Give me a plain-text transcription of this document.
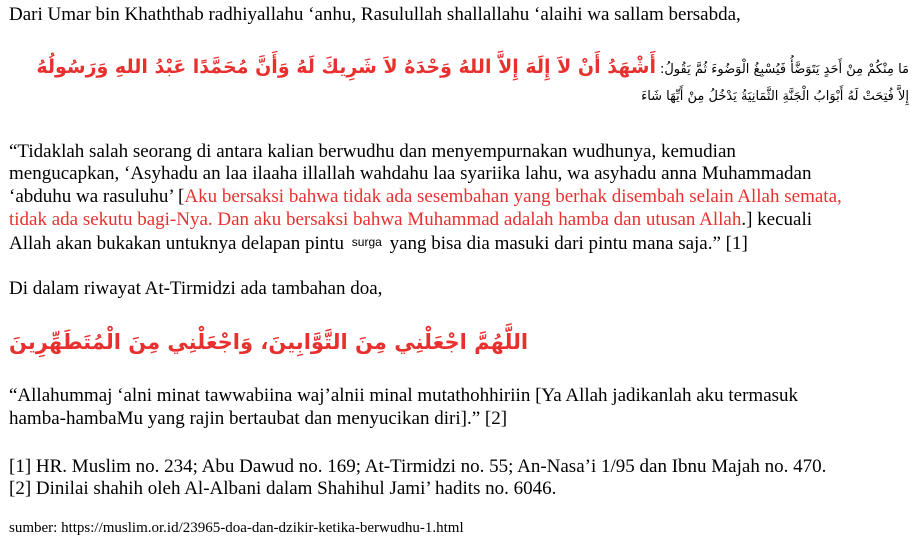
Dari Umar bin Khaththab radhiyallahu ‘anhu, Rasulullah shallallahu ‘alaihi wa sallam bersabda,
مَا مِنْكُمْ مِنْ أَحَدٍ يَتَوَضَّأُ فَيُسْبِغُ الْوَضُوءَ ثُمَّ يَقُولُ: أَشْهَدُ أَنْ لاَ إِلَهَ إِلاَّ اللهُ وَحْدَهُ لاَ شَرِيكَ لَهُ وَأَنَّ مُحَمَّدًا عَبْدُ اللهِ وَرَسُولُهُ
إِلاَّ فُتِحَتْ لَهُ أَبْوَابُ الْجَنَّةِ الثَّمَانِيَةُ يَدْخُلُ مِنْ أَيِّهَا شَاءَ
“Tidaklah salah seorang di antara kalian berwudhu dan menyempurnakan wudhunya, kemudian
mengucapkan, ‘Asyhadu an laa ilaaha illallah wahdahu laa syariika lahu, wa asyhadu anna Muhammadan
‘abduhu wa rasuluhu’ [Aku bersaksi bahwa tidak ada sesembahan yang berhak disembah selain Allah semata,
tidak ada sekutu bagi-Nya. Dan aku bersaksi bahwa Muhammad adalah hamba dan utusan Allah.] kecuali
Allah akan bukakan untuknya delapan pintu surga yang bisa dia masuki dari pintu mana saja.” [1]
Di dalam riwayat At-Tirmidzi ada tambahan doa,
اللَّهُمَّ اجْعَلْنِي مِنَ التَّوَّابِينَ، وَاجْعَلْنِي مِنَ الْمُتَطَهِّرِينَ
“Allahummaj ‘alni minat tawwabiina waj’alnii minal mutathohhiriin [Ya Allah jadikanlah aku termasuk
hamba-hambaMu yang rajin bertaubat dan menyucikan diri].” [2]
[1] HR. Muslim no. 234; Abu Dawud no. 169; At-Tirmidzi no. 55; An-Nasa’i 1/95 dan Ibnu Majah no. 470.
[2] Dinilai shahih oleh Al-Albani dalam Shahihul Jami’ hadits no. 6046.
sumber: https://muslim.or.id/23965-doa-dan-dzikir-ketika-berwudhu-1.html
